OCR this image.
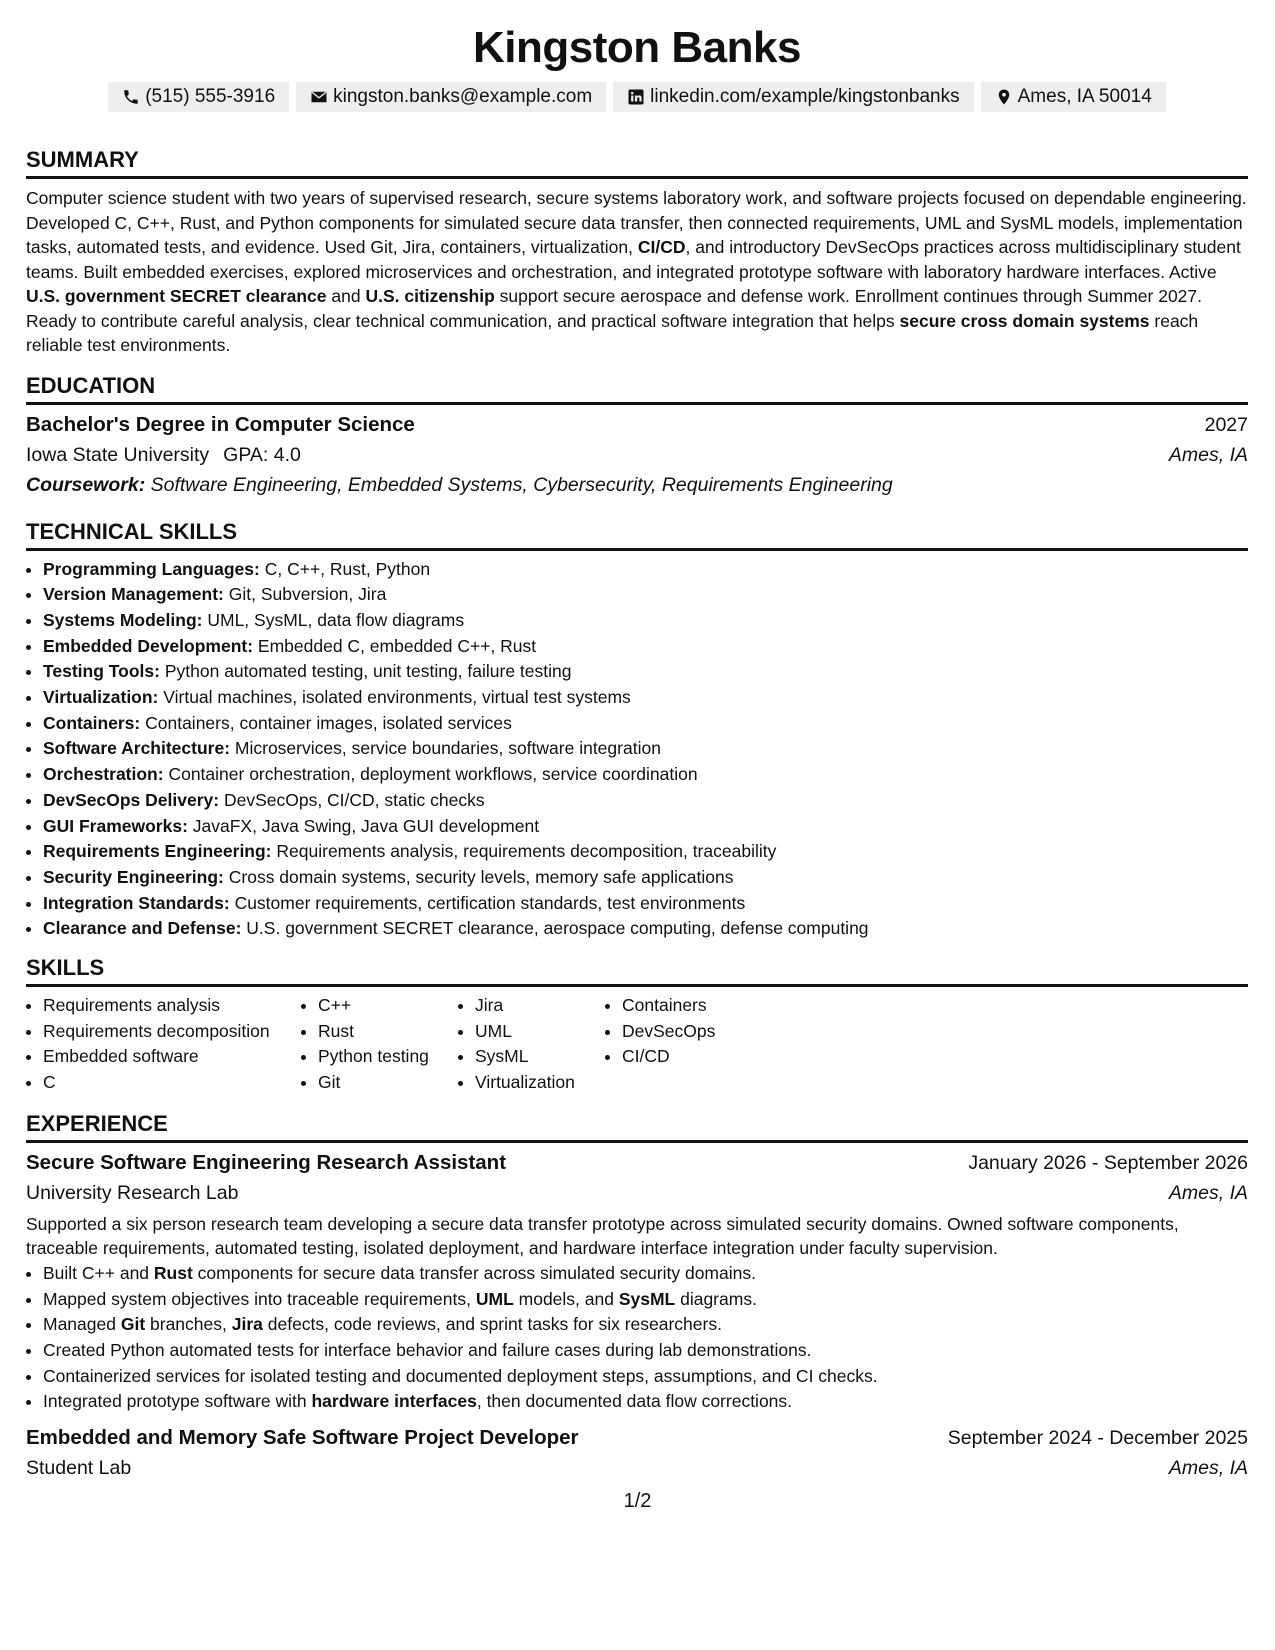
Kingston Banks
(515) 555-3916	kingston.banks@example.com	linkedin.com/example/kingstonbanks	Ames, IA 50014
SUMMARY
Computer science student with two years of supervised research, secure systems laboratory work, and software projects focused on dependable engineering. Developed C, C++, Rust, and Python components for simulated secure data transfer, then connected requirements, UML and SysML models, implementation tasks, automated tests, and evidence. Used Git, Jira, containers, virtualization, CI/CD, and introductory DevSecOps practices across multidisciplinary student teams. Built embedded exercises, explored microservices and orchestration, and integrated prototype software with laboratory hardware interfaces. Active U.S. government SECRET clearance and U.S. citizenship support secure aerospace and defense work. Enrollment continues through Summer 2027. Ready to contribute careful analysis, clear technical communication, and practical software integration that helps secure cross domain systems reach reliable test environments.
EDUCATION
Bachelor's Degree in Computer Science	2027
Iowa State University GPA: 4.0	Ames, IA
Coursework: Software Engineering, Embedded Systems, Cybersecurity, Requirements Engineering
TECHNICAL SKILLS
• Programming Languages: C, C++, Rust, Python
• Version Management: Git, Subversion, Jira
• Systems Modeling: UML, SysML, data flow diagrams
• Embedded Development: Embedded C, embedded C++, Rust
• Testing Tools: Python automated testing, unit testing, failure testing
• Virtualization: Virtual machines, isolated environments, virtual test systems
• Containers: Containers, container images, isolated services
• Software Architecture: Microservices, service boundaries, software integration
• Orchestration: Container orchestration, deployment workflows, service coordination
• DevSecOps Delivery: DevSecOps, CI/CD, static checks
• GUI Frameworks: JavaFX, Java Swing, Java GUI development
• Requirements Engineering: Requirements analysis, requirements decomposition, traceability
• Security Engineering: Cross domain systems, security levels, memory safe applications
• Integration Standards: Customer requirements, certification standards, test environments
• Clearance and Defense: U.S. government SECRET clearance, aerospace computing, defense computing
SKILLS
• Requirements analysis
• Requirements decomposition
• Embedded software
• C
• C++
• Rust
• Python testing
• Git
• Jira
• UML
• SysML
• Virtualization
• Containers
• DevSecOps
• CI/CD
EXPERIENCE
Secure Software Engineering Research Assistant	January 2026 - September 2026
University Research Lab	Ames, IA
Supported a six person research team developing a secure data transfer prototype across simulated security domains. Owned software components, traceable requirements, automated testing, isolated deployment, and hardware interface integration under faculty supervision.
• Built C++ and Rust components for secure data transfer across simulated security domains.
• Mapped system objectives into traceable requirements, UML models, and SysML diagrams.
• Managed Git branches, Jira defects, code reviews, and sprint tasks for six researchers.
• Created Python automated tests for interface behavior and failure cases during lab demonstrations.
• Containerized services for isolated testing and documented deployment steps, assumptions, and CI checks.
• Integrated prototype software with hardware interfaces, then documented data flow corrections.
Embedded and Memory Safe Software Project Developer	September 2024 - December 2025
Student Lab	Ames, IA
1/2
